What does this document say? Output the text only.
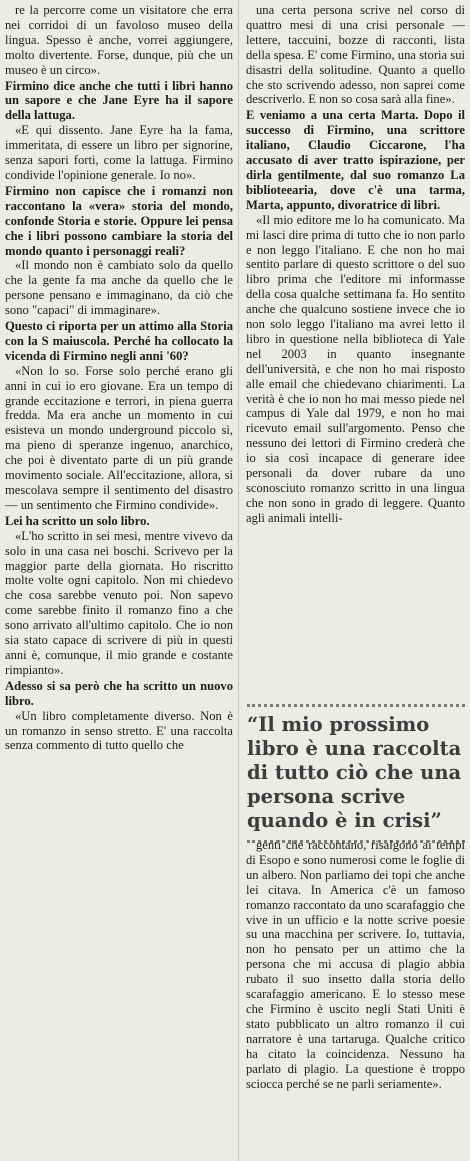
re la percorre come un visitatore che erra nei corridoi di un favoloso museo della lingua. Spesso è anche, vorrei aggiungere, molto divertente. Forse, dunque, più che un museo è un circo».

Firmino dice anche che tutti i libri hanno un sapore e che Jane Eyre ha il sapore della lattuga.

«E qui dissento. Jane Eyre ha la fama, immeritata, di essere un libro per signorine, senza sapori forti, come la lattuga. Firmino condivide l'opinione generale. Io no».

Firmino non capisce che i romanzi non raccontano la «vera» storia del mondo, confonde Storia e storie. Oppure lei pensa che i libri possono cambiare la storia del mondo quanto i personaggi reali?

«Il mondo non è cambiato solo da quello che la gente fa ma anche da quello che le persone pensano e immaginano, da ciò che sono "capaci" di immaginare».

Questo ci riporta per un attimo alla Storia con la S maiuscola. Perché ha collocato la vicenda di Firmino negli anni '60?

«Non lo so. Forse solo perché erano gli anni in cui io ero giovane. Era un tempo di grande eccitazione e terrori, in piena guerra fredda. Ma era anche un momento in cui esisteva un mondo underground piccolo sì, ma pieno di speranze ingenuo, anarchico, che poi è diventato parte di un più grande movimento sociale. All'eccitazione, allora, si mescolava sempre il sentimento del disastro — un sentimento che Firmino condivide».

Lei ha scritto un solo libro.

«L'ho scritto in sei mesi, mentre vivevo da solo in una casa nei boschi. Scrivevo per la maggior parte della giornata. Ho riscritto molte volte ogni capitolo. Non mi chiedevo che cosa sarebbe venuto poi. Non sapevo come sarebbe finito il romanzo fino a che sono arrivato all'ultimo capitolo. Che io non sia stato capace di scrivere di più in questi anni è, comunque, il mio grande e costante rimpianto».

Adesso si sa però che ha scritto un nuovo libro.

«Un libro completamente diverso. Non è un romanzo in senso stretto. E' una raccolta senza commento di tutto quello che

una certa persona scrive nel corso di quattro mesi di una crisi personale — lettere, taccuini, bozze di racconti, lista della spesa. E' come Firmino, una storia sui disastri della solitudine. Quanto a quello che sto scrivendo adesso, non saprei come descriverlo. E non so cosa sarà alla fine».

E veniamo a una certa Marta. Dopo il successo di Firmino, una scrittore italiano, Claudio Ciccarone, l'ha accusato di aver tratto ispirazione, per dirla gentilmente, dal suo romanzo La biblioteearia, dove c'è una tarma, Marta, appunto, divoratrice di libri.

«Il mio editore me lo ha comunicato. Ma mi lasci dire prima di tutto che io non parlo e non leggo l'italiano. E che non ho mai sentito parlare di questo scrittore o del suo libro prima che l'editore mi informasse della cosa qualche settimana fa. Ho sentito anche che qualcuno sostiene invece che io non solo leggo l'italiano ma avrei letto il libro in questione nella biblioteca di Yale nel 2003 in quanto insegnante dell'università, e che non ho mai risposto alle email che chiedevano chiarimenti. La verità è che io non ho mai messo piede nel campus di Yale dal 1979, e non ho mai ricevuto email sull'argomento. Penso che nessuno dei lettori di Firmino crederà che io sia così incapace di generare idee personali da dover rubare da uno sconosciuto romanzo scritto in una lingua che non sono in grado di leggere. Quanto agli animali intelli-

“Il mio prossimo libro è una raccolta di tutto ciò che una persona scrive quando è in crisi”

genti che raccontano, risalgono ai tempi di Esopo e sono numerosi come le foglie di un albero. Non parliamo dei topi che anche lei citava. In America c'è un famoso romanzo raccontato da uno scarafaggio che vive in un ufficio e la notte scrive poesie su una macchina per scrivere. Io, tuttavia, non ho pensato per un attimo che la persona che mi accusa di plagio abbia rubato il suo insetto dalla storia dello scarafaggio americano. E lo stesso mese che Firmino è uscito negli Stati Uniti è stato pubblicato un altro romanzo il cui narratore è una tartaruga. Qualche critico ha citato la coincidenza. Nessuno ha parlato di plagio. La questione è troppo sciocca perché se ne parli seriamente».
